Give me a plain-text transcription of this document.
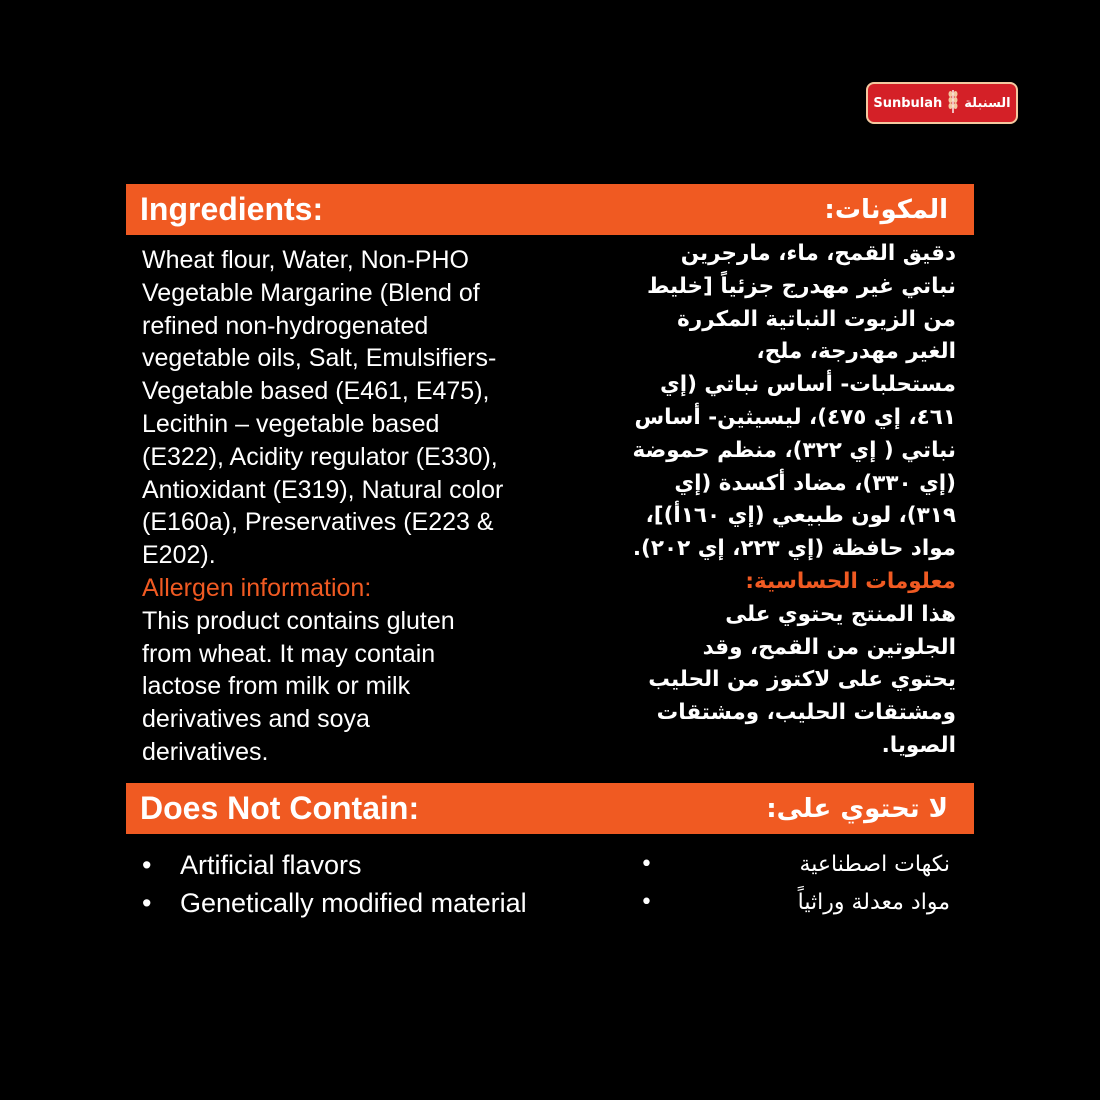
Sunbulah السنبلة
Ingredients:	المكونات:

Wheat flour, Water, Non-PHO

Vegetable Margarine (Blend of

refined non-hydrogenated

vegetable oils, Salt, Emulsifiers-

Vegetable based (E461, E475),

Lecithin – vegetable based

(E322), Acidity regulator (E330),

Antioxidant (E319), Natural color

(E160a), Preservatives (E223 &

E202).

Allergen information:

This product contains gluten

from wheat. It may contain

lactose from milk or milk

derivatives and soya

derivatives.

دقيق القمح، ماء، مارجرين

نباتي غير مهدرج جزئياً [خليط

من الزيوت النباتية المكررة

الغير مهدرجة، ملح،

مستحلبات- أساس نباتي (إي

٤٦١، إي ٤٧٥)، ليسيثين- أساس

نباتي ( إي ٣٢٢)، منظم حموضة

(إي ٣٣٠)، مضاد أكسدة (إي

٣١٩)، لون طبيعي (إي ١٦٠أ)]،

مواد حافظة (إي ٢٢٣، إي ٢٠٢).

معلومات الحساسية:

هذا المنتج يحتوي على

الجلوتين من القمح، وقد

يحتوي على لاكتوز من الحليب

ومشتقات الحليب، ومشتقات

الصويا.

Does Not Contain:	لا تحتوي على:
• Artificial flavors
• Genetically modified material
نكهات اصطناعية
•
مواد معدلة وراثياً
•
